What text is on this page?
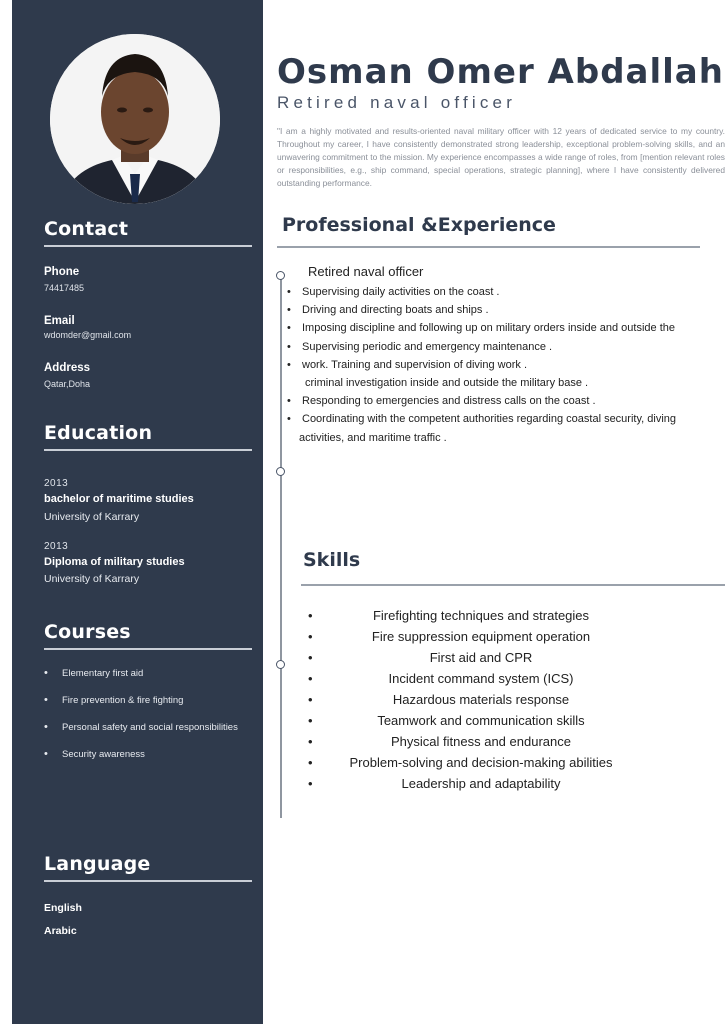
Contact
Phone
74417485
Email
wdomder@gmail.com
Address
Qatar,Doha
Education
2013
bachelor of maritime studies
University of Karrary
2013
Diploma of military studies
University of Karrary
Courses
• Elementary first aid
• Fire prevention & fire fighting
• Personal safety and social responsibilities
• Security awareness
Language
English
Arabic
Osman Omer Abdallah
Retired naval officer
"I am a highly motivated and results-oriented naval military officer with 12 years of dedicated service to my country. Throughout my career, I have consistently demonstrated strong leadership, exceptional problem-solving skills, and an unwavering commitment to the mission. My experience encompasses a wide range of roles, from [mention relevant roles or responsibilities, e.g., ship command, special operations, strategic planning], where I have consistently delivered outstanding performance.
Professional &Experience
Retired naval officer
• Supervising daily activities on the coast .
• Driving and directing boats and ships .
• Imposing discipline and following up on military orders inside and outside the
• Supervising periodic and emergency maintenance .
• work. Training and supervision of diving work .
criminal investigation inside and outside the military base .
• Responding to emergencies and distress calls on the coast .
• Coordinating with the competent authorities regarding coastal security, diving
activities, and maritime traffic .
Skills
• Firefighting techniques and strategies
• Fire suppression equipment operation
• First aid and CPR
• Incident command system (ICS)
• Hazardous materials response
• Teamwork and communication skills
• Physical fitness and endurance
• Problem-solving and decision-making abilities
• Leadership and adaptability
